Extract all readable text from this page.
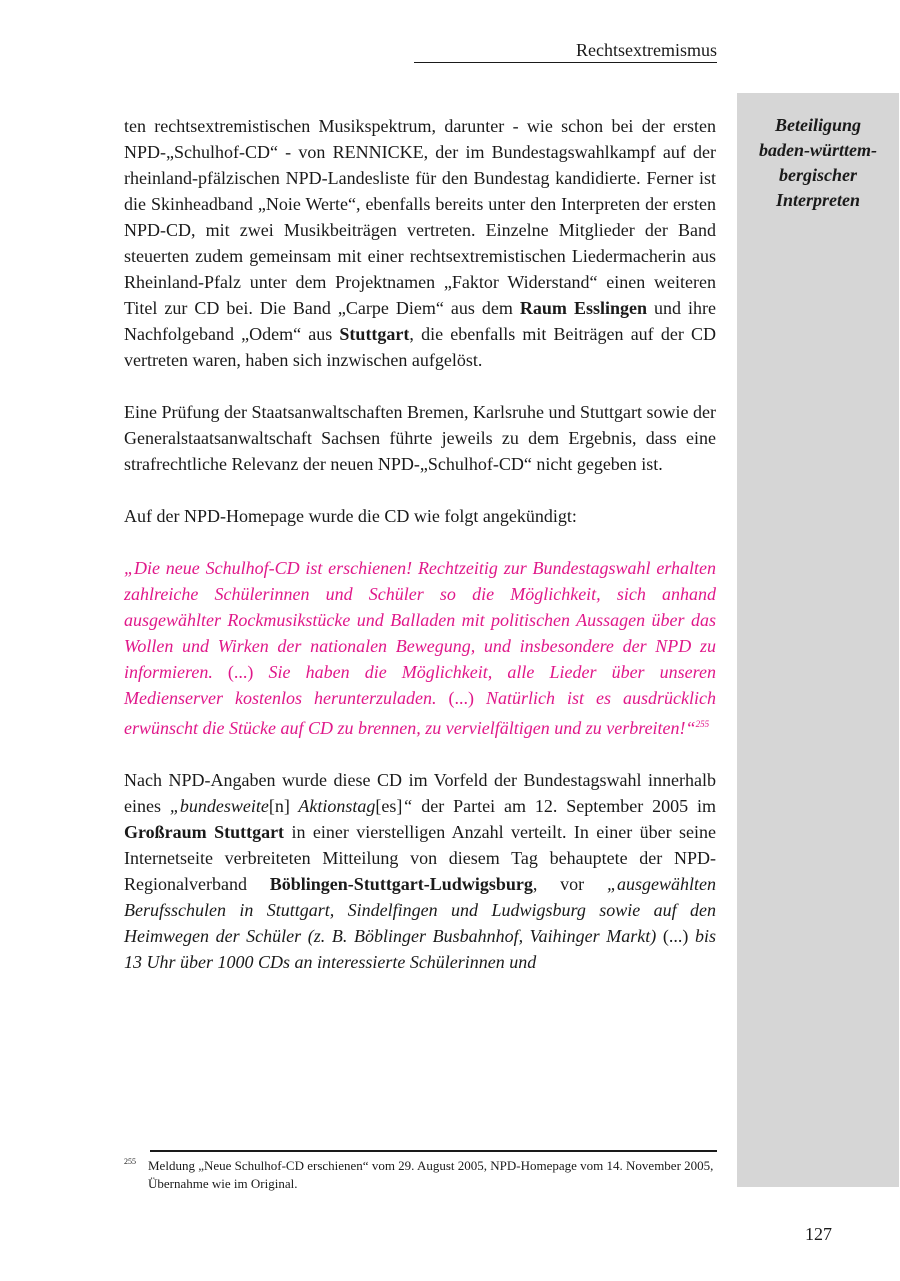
Rechtsextremismus
Beteiligung
baden-württem-
bergischer
Interpreten

ten rechtsextremistischen Musikspektrum, darunter - wie schon bei der ersten NPD-„Schulhof-CD“ - von RENNICKE, der im Bundestagswahlkampf auf der rheinland-pfälzischen NPD-Landesliste für den Bundestag kandidierte. Ferner ist die Skinheadband „Noie Werte“, ebenfalls bereits unter den Interpreten der ersten NPD-CD, mit zwei Musikbeiträgen vertreten. Einzelne Mitglieder der Band steuerten zudem gemeinsam mit einer rechtsextremistischen Liedermacherin aus Rheinland-Pfalz unter dem Projektnamen „Faktor Widerstand“ einen weiteren Titel zur CD bei. Die Band „Carpe Diem“ aus dem Raum Esslingen und ihre Nachfolgeband „Odem“ aus Stuttgart, die ebenfalls mit Beiträgen auf der CD vertreten waren, haben sich inzwischen aufgelöst.

Eine Prüfung der Staatsanwaltschaften Bremen, Karlsruhe und Stuttgart sowie der Generalstaatsanwaltschaft Sachsen führte jeweils zu dem Ergebnis, dass eine strafrechtliche Relevanz der neuen NPD-„Schulhof-CD“ nicht gegeben ist.

Auf der NPD-Homepage wurde die CD wie folgt angekündigt:

„Die neue Schulhof-CD ist erschienen! Rechtzeitig zur Bundestagswahl erhalten zahlreiche Schülerinnen und Schüler so die Möglichkeit, sich anhand ausgewählter Rockmusikstücke und Balladen mit politischen Aussagen über das Wollen und Wirken der nationalen Bewegung, und insbesondere der NPD zu informieren. (...) Sie haben die Möglichkeit, alle Lieder über unseren Medienserver kostenlos herunterzuladen. (...) Natürlich ist es ausdrücklich erwünscht die Stücke auf CD zu brennen, zu vervielfältigen und zu verbreiten!“$^{255}$

Nach NPD-Angaben wurde diese CD im Vorfeld der Bundestagswahl innerhalb eines „bundesweite[n] Aktionstag[es]“ der Partei am 12. September 2005 im Großraum Stuttgart in einer vierstelligen Anzahl verteilt. In einer über seine Internetseite verbreiteten Mitteilung von diesem Tag behauptete der NPD-Regionalverband Böblingen-Stuttgart-Ludwigsburg, vor „ausgewählten Berufsschulen in Stuttgart, Sindelfingen und Ludwigsburg sowie auf den Heimwegen der Schüler (z. B. Böblinger Busbahnhof, Vaihinger Markt) (...) bis 13 Uhr über 1000 CDs an interessierte Schülerinnen und

255 Meldung „Neue Schulhof-CD erschienen“ vom 29. August 2005, NPD-Homepage vom 14. November 2005, Übernahme wie im Original.
127
